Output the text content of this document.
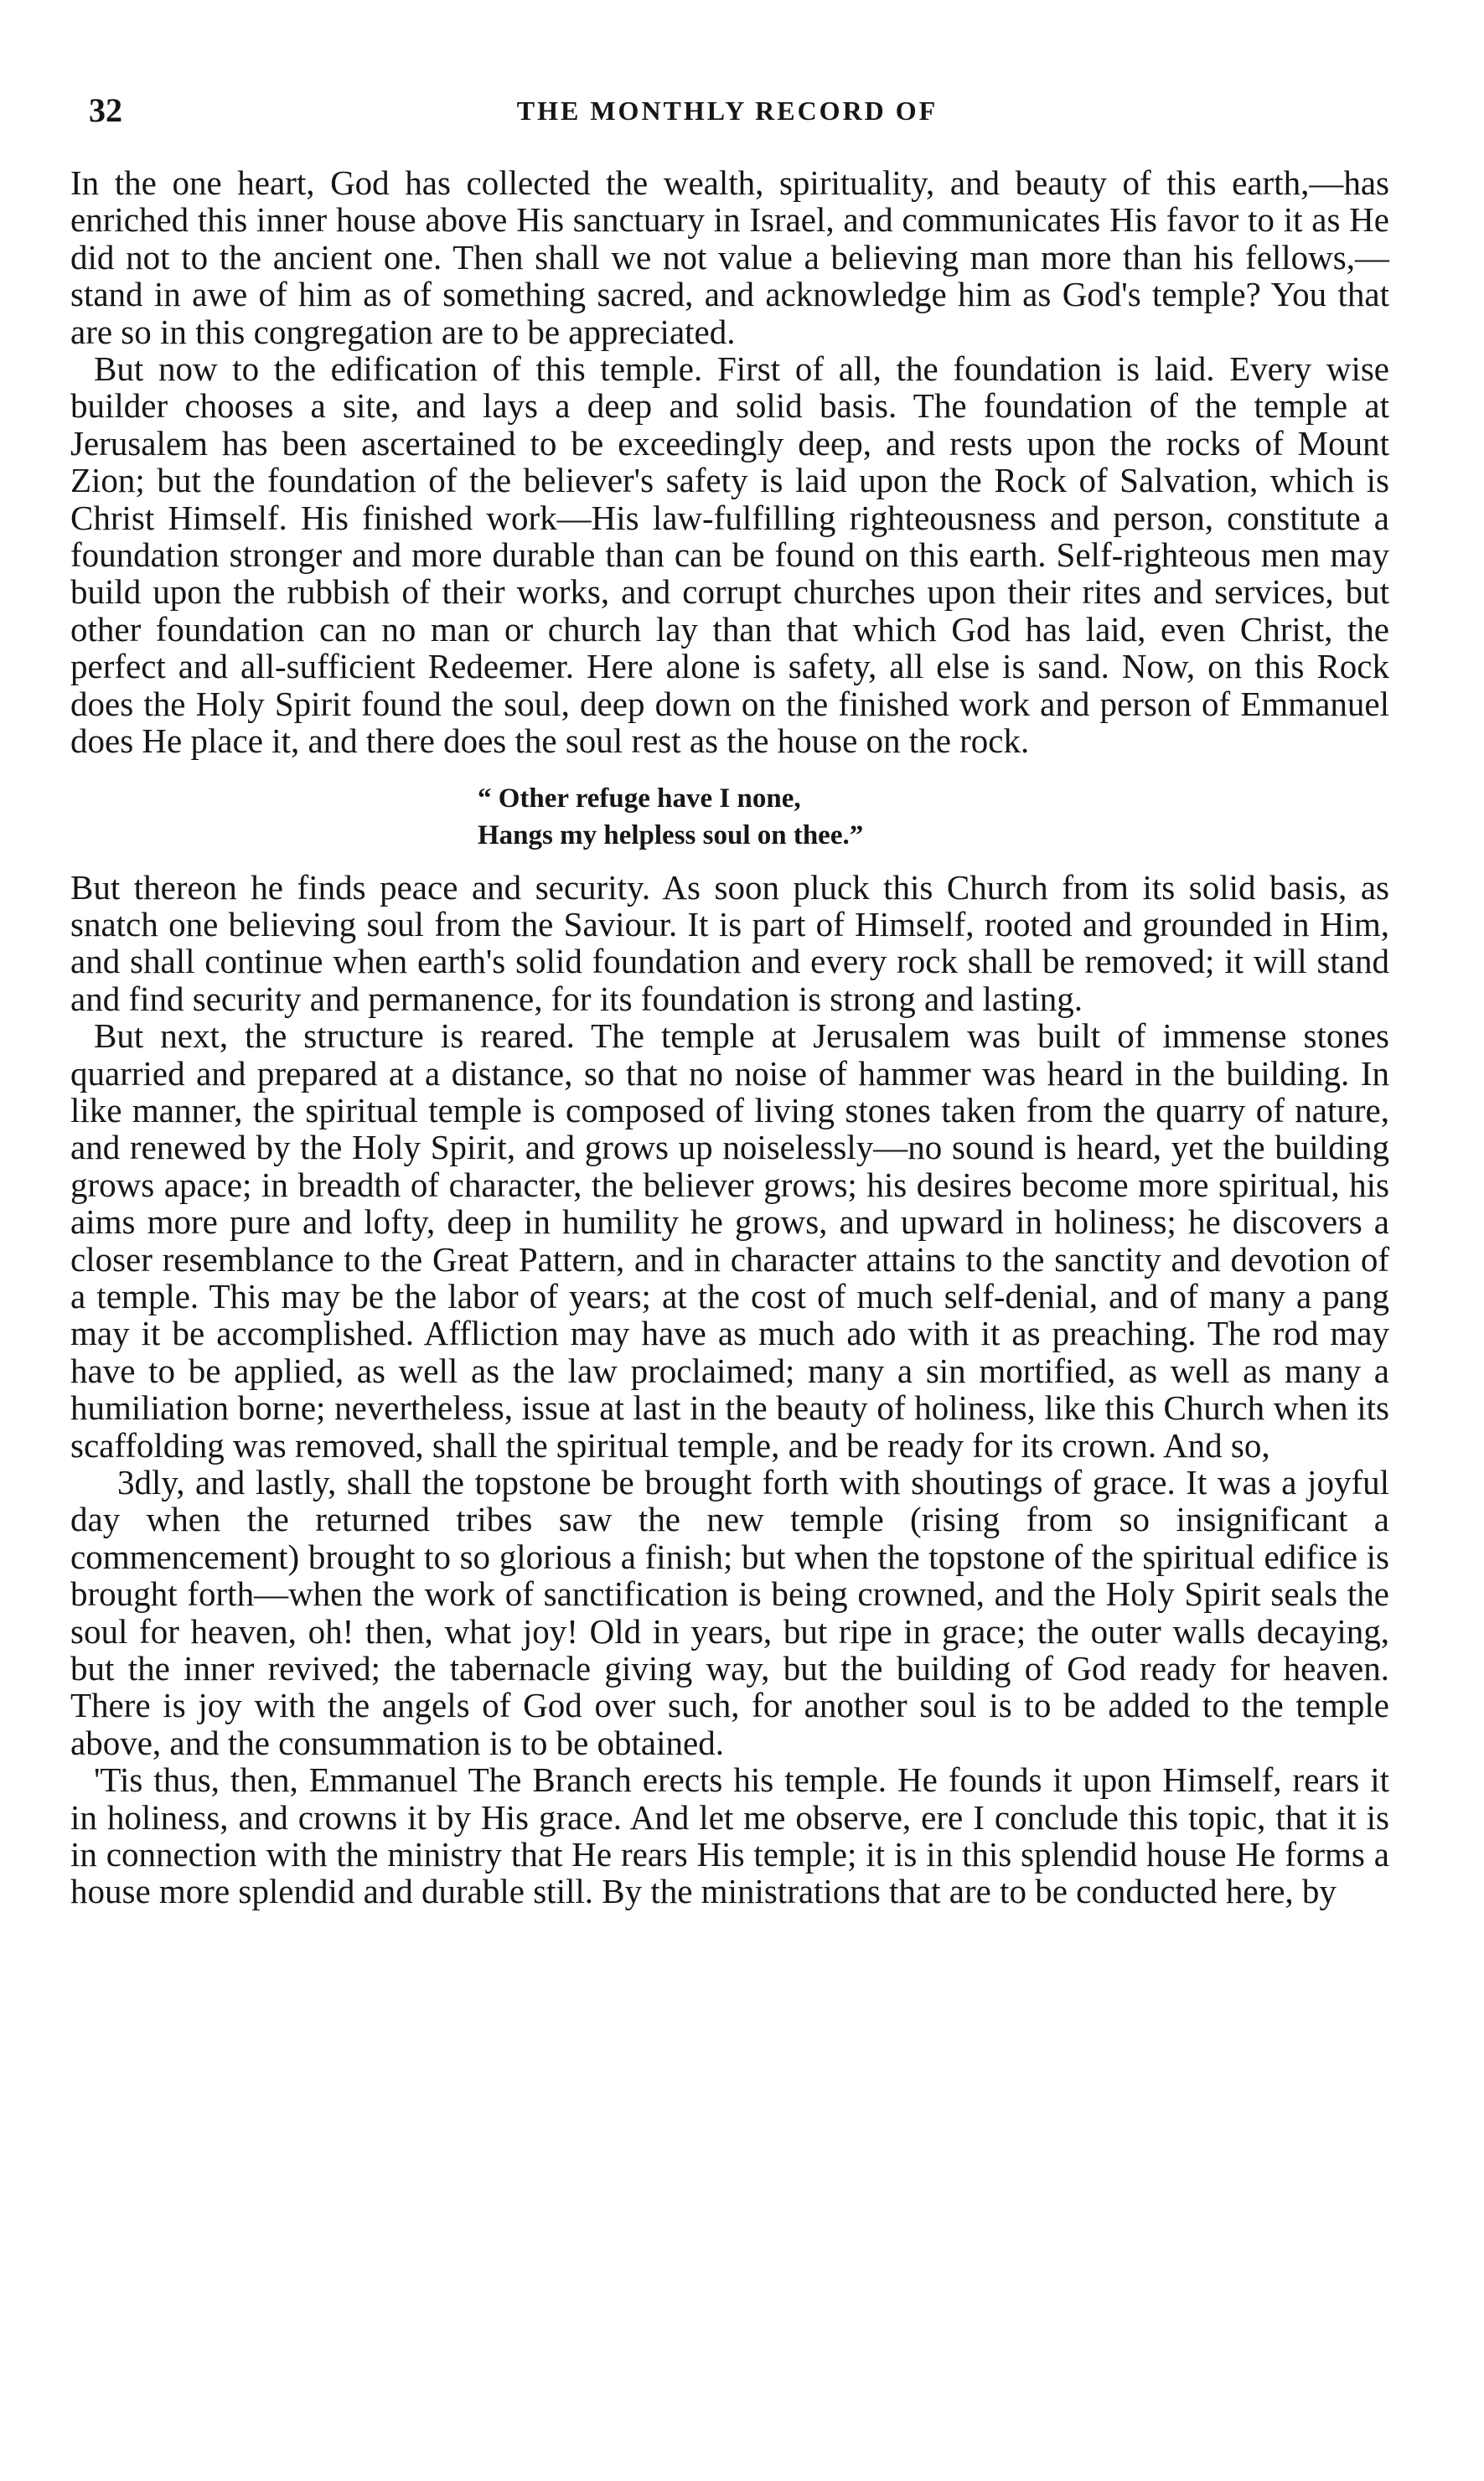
32	THE MONTHLY RECORD OF

In the one heart, God has collected the wealth, spirituality, and beauty of this earth,—has enriched this inner house above His sanctuary in Israel, and communicates His favor to it as He did not to the ancient one. Then shall we not value a believing man more than his fellows,—stand in awe of him as of something sacred, and acknowledge him as God's temple? You that are so in this congregation are to be appreciated.

But now to the edification of this temple. First of all, the foundation is laid. Every wise builder chooses a site, and lays a deep and solid basis. The foundation of the temple at Jerusalem has been ascertained to be exceedingly deep, and rests upon the rocks of Mount Zion; but the foundation of the believer's safety is laid upon the Rock of Salvation, which is Christ Himself. His finished work—His law-fulfilling righteousness and person, constitute a foundation stronger and more durable than can be found on this earth. Self-righteous men may build upon the rubbish of their works, and corrupt churches upon their rites and services, but other foundation can no man or church lay than that which God has laid, even Christ, the perfect and all-sufficient Redeemer. Here alone is safety, all else is sand. Now, on this Rock does the Holy Spirit found the soul, deep down on the finished work and person of Emmanuel does He place it, and there does the soul rest as the house on the rock.

“ Other refuge have I none,
Hangs my helpless soul on thee.”

But thereon he finds peace and security. As soon pluck this Church from its solid basis, as snatch one believing soul from the Saviour. It is part of Himself, rooted and grounded in Him, and shall continue when earth's solid foundation and every rock shall be removed; it will stand and find security and permanence, for its foundation is strong and lasting.

But next, the structure is reared. The temple at Jerusalem was built of immense stones quarried and prepared at a distance, so that no noise of hammer was heard in the building. In like manner, the spiritual temple is composed of living stones taken from the quarry of nature, and renewed by the Holy Spirit, and grows up noiselessly—no sound is heard, yet the building grows apace; in breadth of character, the believer grows; his desires become more spiritual, his aims more pure and lofty, deep in humility he grows, and upward in holiness; he discovers a closer resemblance to the Great Pattern, and in character attains to the sanctity and devotion of a temple. This may be the labor of years; at the cost of much self-denial, and of many a pang may it be accomplished. Affliction may have as much ado with it as preaching. The rod may have to be applied, as well as the law proclaimed; many a sin mortified, as well as many a humiliation borne; nevertheless, issue at last in the beauty of holiness, like this Church when its scaffolding was removed, shall the spiritual temple, and be ready for its crown. And so,

3dly, and lastly, shall the topstone be brought forth with shoutings of grace. It was a joyful day when the returned tribes saw the new temple (rising from so insignificant a commencement) brought to so glorious a finish; but when the topstone of the spiritual edifice is brought forth—when the work of sanctification is being crowned, and the Holy Spirit seals the soul for heaven, oh! then, what joy! Old in years, but ripe in grace; the outer walls decaying, but the inner revived; the tabernacle giving way, but the building of God ready for heaven. There is joy with the angels of God over such, for another soul is to be added to the temple above, and the consummation is to be obtained.

'Tis thus, then, Emmanuel The Branch erects his temple. He founds it upon Himself, rears it in holiness, and crowns it by His grace. And let me observe, ere I conclude this topic, that it is in connection with the ministry that He rears His temple; it is in this splendid house He forms a house more splendid and durable still. By the ministrations that are to be conducted here, by
